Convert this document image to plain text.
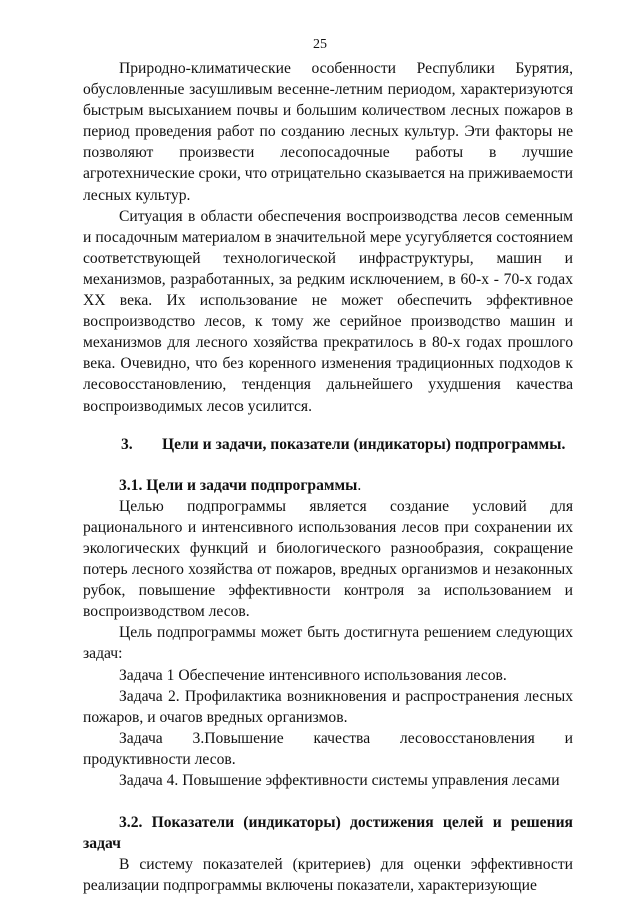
25

Природно-климатические особенности Республики Бурятия, обусловленные засушливым весенне-летним периодом, характеризуются быстрым высыханием почвы и большим количеством лесных пожаров в период проведения работ по созданию лесных культур. Эти факторы не позволяют произвести лесопосадочные работы в лучшие агротехнические сроки, что отрицательно сказывается на приживаемости лесных культур.

Ситуация в области обеспечения воспроизводства лесов семенным и посадочным материалом в значительной мере усугубляется состоянием соответствующей технологической инфраструктуры, машин и механизмов, разработанных, за редким исключением, в 60-х - 70-х годах XX века. Их использование не может обеспечить эффективное воспроизводство лесов, к тому же серийное производство машин и механизмов для лесного хозяйства прекратилось в 80-х годах прошлого века. Очевидно, что без коренного изменения традиционных подходов к лесовосстановлению, тенденция дальнейшего ухудшения качества воспроизводимых лесов усилится.

3.	Цели и задачи, показатели (индикаторы) подпрограммы.
3.1. Цели и задачи подпрограммы.

Целью подпрограммы является создание условий для рационального и интенсивного использования лесов при сохранении их экологических функций и биологического разнообразия, сокращение потерь лесного хозяйства от пожаров, вредных организмов и незаконных рубок, повышение эффективности контроля за использованием и воспроизводством лесов.

Цель подпрограммы может быть достигнута решением следующих задач:

Задача 1 Обеспечение интенсивного использования лесов.

Задача 2. Профилактика возникновения и распространения лесных пожаров, и очагов вредных организмов.

Задача 3.Повышение качества лесовосстановления и продуктивности лесов.

Задача 4. Повышение эффективности системы управления лесами

3.2. Показатели (индикаторы) достижения целей и решения задач

В систему показателей (критериев) для оценки эффективности реализации подпрограммы включены показатели, характеризующие
